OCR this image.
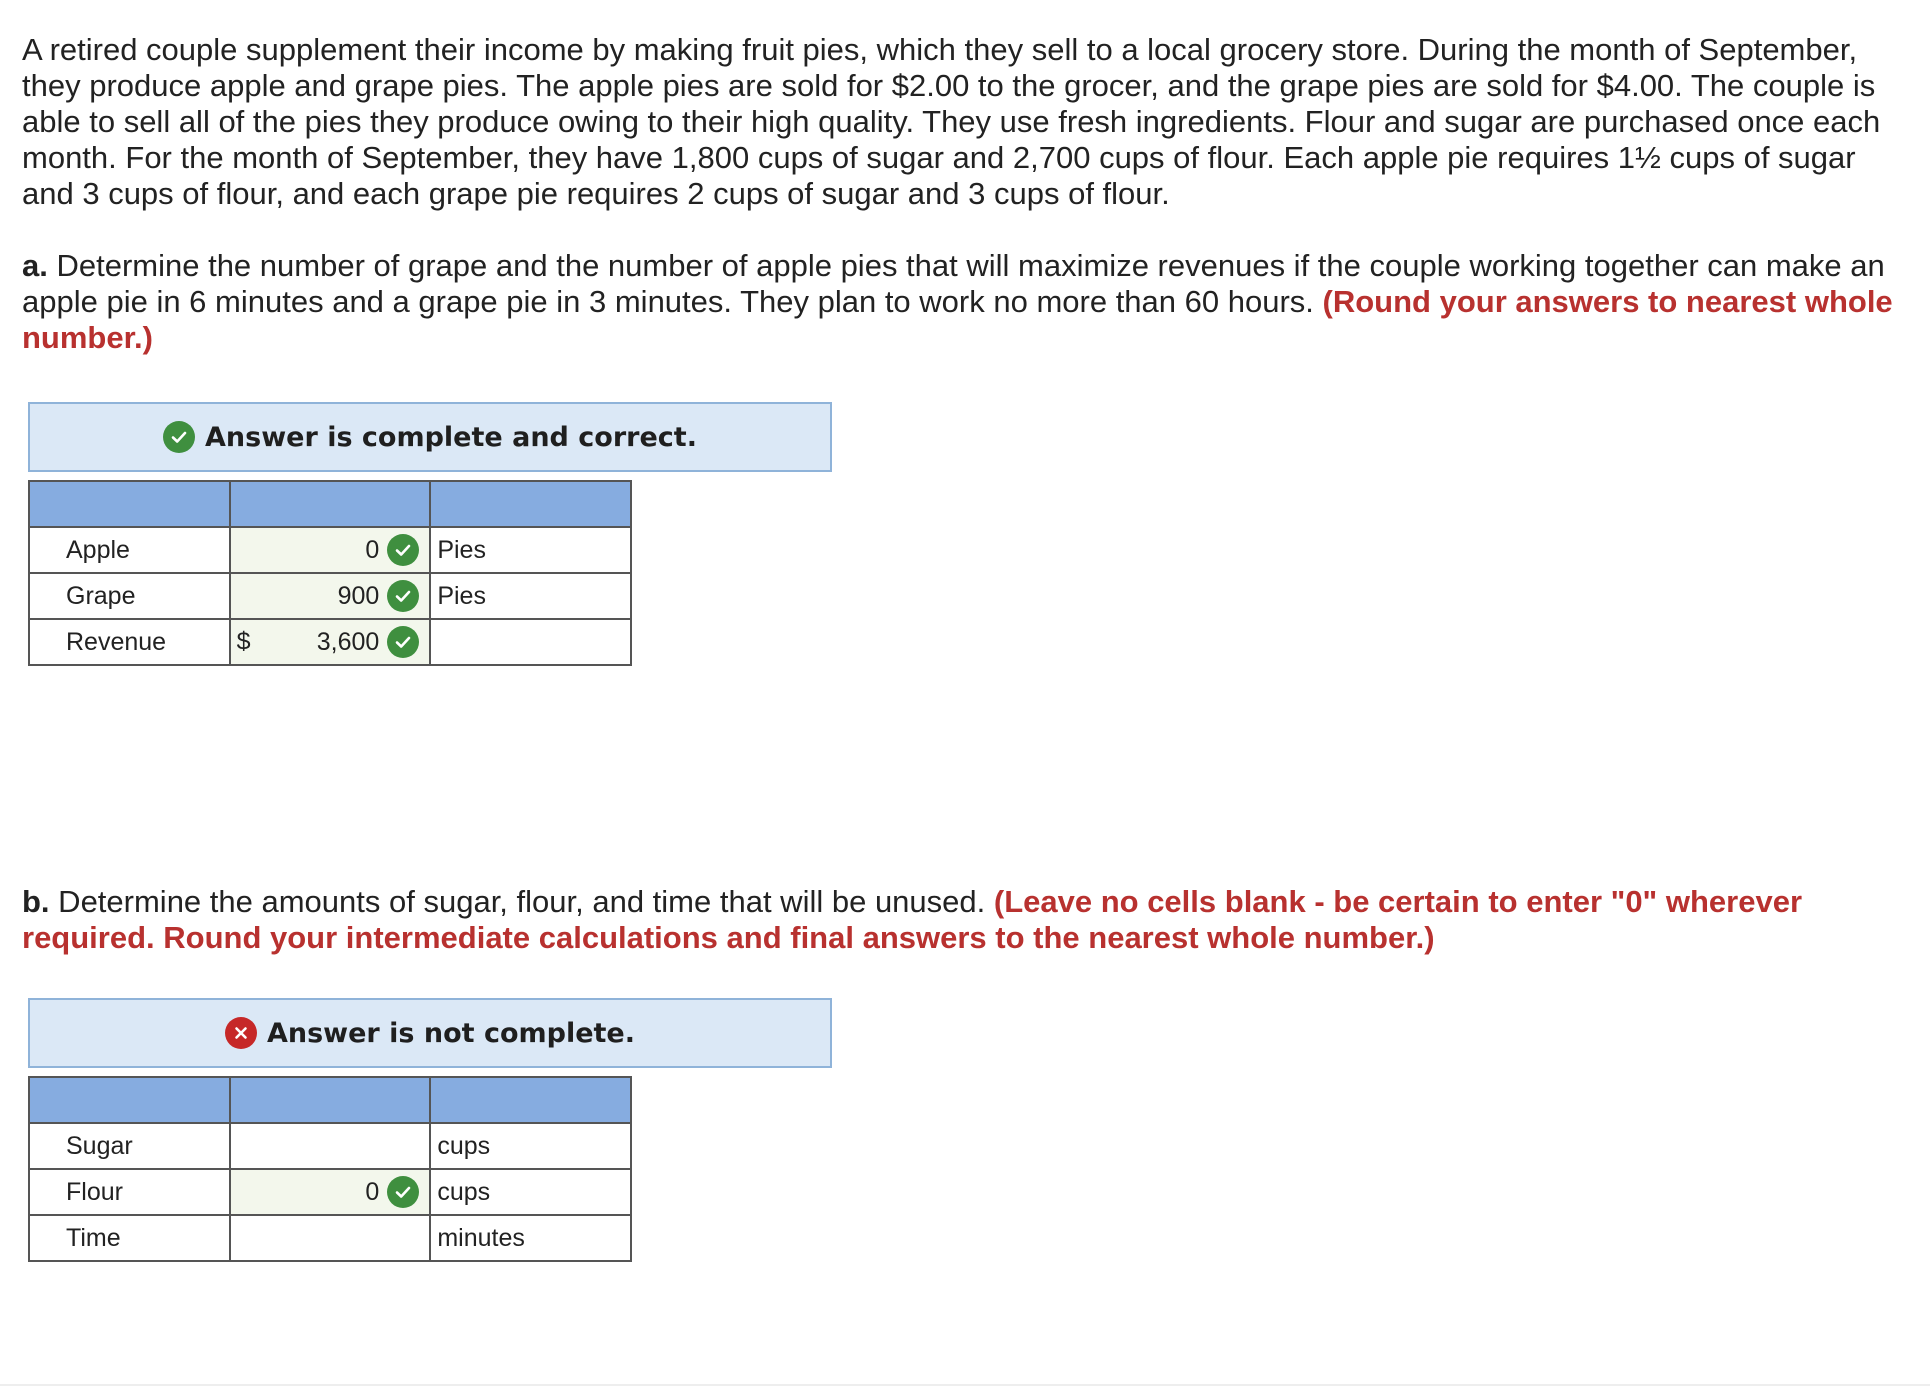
A retired couple supplement their income by making fruit pies, which they sell to a local grocery store. During the month of September, they produce apple and grape pies. The apple pies are sold for $2.00 to the grocer, and the grape pies are sold for $4.00. The couple is able to sell all of the pies they produce owing to their high quality. They use fresh ingredients. Flour and sugar are purchased once each month. For the month of September, they have 1,800 cups of sugar and 2,700 cups of flour. Each apple pie requires 1½ cups of sugar and 3 cups of flour, and each grape pie requires 2 cups of sugar and 3 cups of flour.

a. Determine the number of grape and the number of apple pies that will maximize revenues if the couple working together can make an apple pie in 6 minutes and a grape pie in 3 minutes. They plan to work no more than 60 hours. (Round your answers to nearest whole number.)

Answer is complete and correct.

Apple	0	Pies
Grape	900	Pies
Revenue	$ 3,600	

b. Determine the amounts of sugar, flour, and time that will be unused. (Leave no cells blank - be certain to enter "0" wherever required. Round your intermediate calculations and final answers to the nearest whole number.)

Answer is not complete.

Sugar		cups
Flour	0	cups
Time		minutes
